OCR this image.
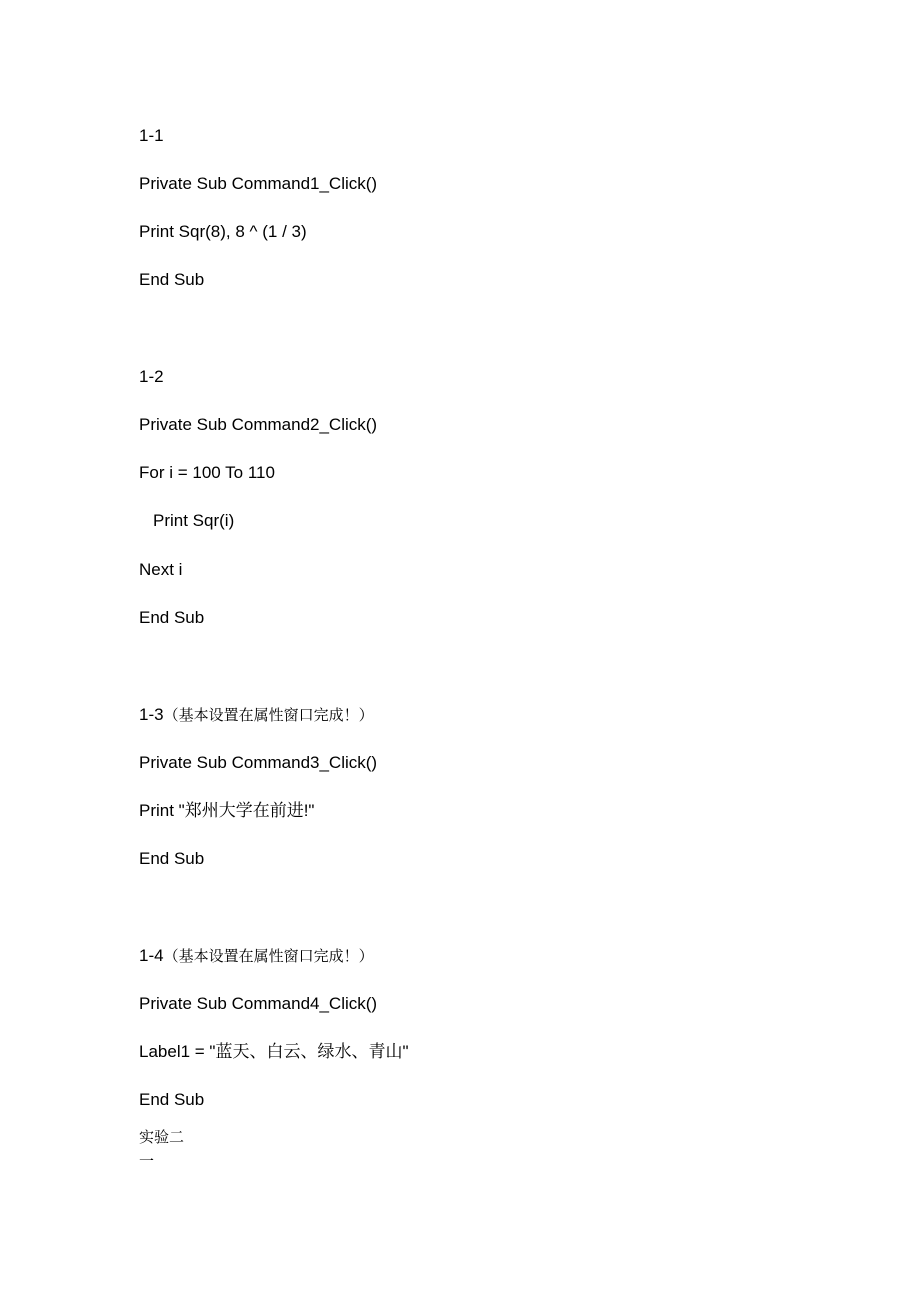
1-1
Private Sub Command1_Click()
Print Sqr(8), 8 ^ (1 / 3)
End Sub
1-2
Private Sub Command2_Click()
For i = 100 To 110
Print Sqr(i)
Next i
End Sub
1-3（基本设置在属性窗口完成！）
Private Sub Command3_Click()
Print "郑州大学在前进!"
End Sub
1-4（基本设置在属性窗口完成！）
Private Sub Command4_Click()
Label1 = "蓝天、白云、绿水、青山"
End Sub
实验二
一
